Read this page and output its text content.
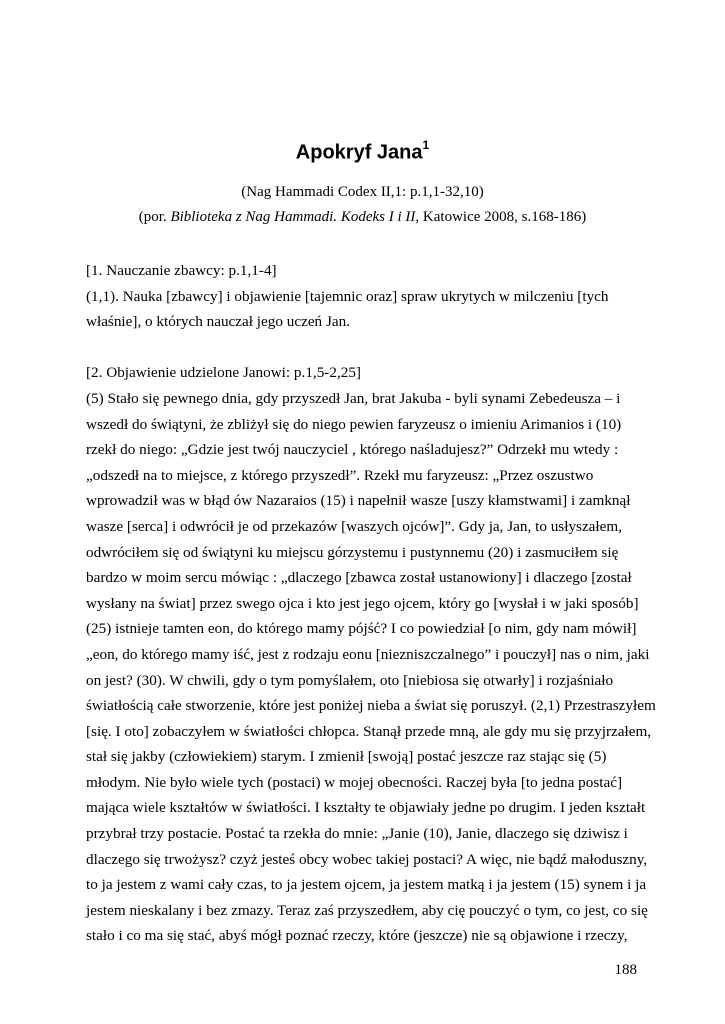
Apokryf Jana$^1$
(Nag Hammadi Codex II,1: p.1,1-32,10)
(por. Biblioteka z Nag Hammadi. Kodeks I i II, Katowice 2008, s.168-186)

[1. Nauczanie zbawcy: p.1,1-4]

(1,1). Nauka [zbawcy] i objawienie [tajemnic oraz] spraw ukrytych w milczeniu [tych

właśnie], o których nauczał jego uczeń Jan.

[2. Objawienie udzielone Janowi: p.1,5-2,25]

(5) Stało się pewnego dnia, gdy przyszedł Jan, brat Jakuba - byli synami Zebedeusza – i

wszedł do świątyni, że zbliżył się do niego pewien faryzeusz o imieniu Arimanios i (10)

rzekł do niego: „Gdzie jest twój nauczyciel , którego naśladujesz?” Odrzekł mu wtedy :

„odszedł na to miejsce, z którego przyszedł”. Rzekł mu faryzeusz: „Przez oszustwo

wprowadził was w błąd ów Nazaraios (15) i napełnił wasze [uszy kłamstwami] i zamknął

wasze [serca] i odwrócił je od przekazów [waszych ojców]”. Gdy ja, Jan, to usłyszałem,

odwróciłem się od świątyni ku miejscu górzystemu i pustynnemu (20) i zasmuciłem się

bardzo w moim sercu mówiąc : „dlaczego [zbawca został ustanowiony] i dlaczego [został

wysłany na świat] przez swego ojca i kto jest jego ojcem, który go [wysłał i w jaki sposób]

(25) istnieje tamten eon, do którego mamy pójść? I co powiedział [o nim, gdy nam mówił]

„eon, do którego mamy iść, jest z rodzaju eonu [niezniszczalnego” i pouczył] nas o nim, jaki

on jest? (30). W chwili, gdy o tym pomyślałem, oto [niebiosa się otwarły] i rozjaśniało

światłością całe stworzenie, które jest poniżej nieba a świat się poruszył. (2,1) Przestraszyłem

[się. I oto] zobaczyłem w światłości chłopca. Stanął przede mną, ale gdy mu się przyjrzałem,

stał się jakby (człowiekiem) starym. I zmienił [swoją] postać jeszcze raz stając się (5)

młodym. Nie było wiele tych (postaci) w mojej obecności. Raczej była [to jedna postać]

mająca wiele kształtów w światłości. I kształty te objawiały jedne po drugim. I jeden kształt

przybrał trzy postacie. Postać ta rzekła do mnie: „Janie (10), Janie, dlaczego się dziwisz i

dlaczego się trwożysz? czyż jesteś obcy wobec takiej postaci? A więc, nie bądź małoduszny,

to ja jestem z wami cały czas, to ja jestem ojcem, ja jestem matką i ja jestem (15) synem i ja

jestem nieskalany i bez zmazy. Teraz zaś przyszedłem, aby cię pouczyć o tym, co jest, co się

stało i co ma się stać, abyś mógł poznać rzeczy, które (jeszcze) nie są objawione i rzeczy,

188
